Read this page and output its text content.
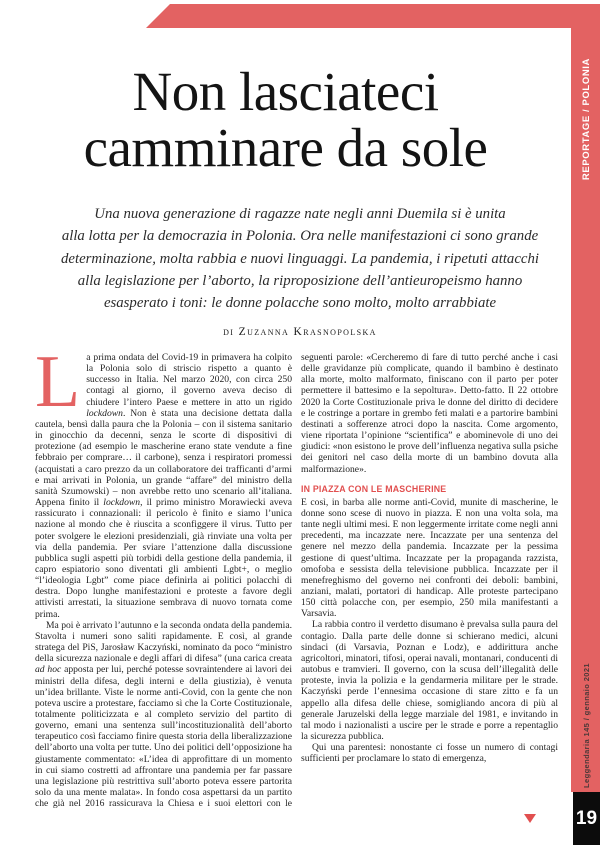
REPORTAGE / POLONIA
Leggendaria 145 / gennaio 2021
19
Non lasciateci
camminare da sole
Una nuova generazione di ragazze nate negli anni Duemila si è unita
alla lotta per la democrazia in Polonia. Ora nelle manifestazioni ci sono grande
determinazione, molta rabbia e nuovi linguaggi. La pandemia, i ripetuti attacchi
alla legislazione per l’aborto, la riproposizione dell’antieuropeismo hanno
esasperato i toni: le donne polacche sono molto, molto arrabbiate
di Zuzanna Krasnopolska

La prima ondata del Covid-19 in primavera ha colpito la Polonia solo di striscio rispetto a quanto è successo in Italia. Nel marzo 2020, con circa 250 contagi al giorno, il governo aveva deciso di chiudere l’intero Paese e mettere in atto un rigido lockdown. Non è stata una decisione dettata dalla cautela, bensì dalla paura che la Polonia – con il sistema sanitario in ginocchio da decenni, senza le scorte di dispositivi di protezione (ad esempio le mascherine erano state vendute a fine febbraio per comprare… il carbone), senza i respiratori promessi (acquistati a caro prezzo da un collaboratore dei trafficanti d’armi e mai arrivati in Polonia, un grande “affare” del ministro della sanità Szumowski) – non avrebbe retto uno scenario all’italiana. Appena finito il lockdown, il primo ministro Morawiecki aveva rassicurato i connazionali: il pericolo è finito e siamo l’unica nazione al mondo che è riuscita a sconfiggere il virus. Tutto per poter svolgere le elezioni presidenziali, già rinviate una volta per via della pandemia. Per sviare l’attenzione dalla discussione pubblica sugli aspetti più torbidi della gestione della pandemia, il capro espiatorio sono diventati gli ambienti Lgbt+, o meglio “l’ideologia Lgbt” come piace definirla ai politici polacchi di destra. Dopo lunghe manifestazioni e proteste a favore degli attivisti arrestati, la situazione sembrava di nuovo tornata come prima.

Ma poi è arrivato l’autunno e la seconda ondata della pandemia. Stavolta i numeri sono saliti rapidamente. E così, al grande stratega del PiS, Jarosław Kaczyński, nominato da poco “ministro della sicurezza nazionale e degli affari di difesa” (una carica creata ad hoc apposta per lui, perché potesse sovraintendere ai lavori dei ministri della difesa, degli interni e della giustizia), è venuta un’idea brillante. Viste le norme anti-Covid, con la gente che non poteva uscire a protestare, facciamo sì che la Corte Costituzionale, totalmente politicizzata e al completo servizio del partito di governo, emani una sentenza sull’incostituzionalità dell’aborto terapeutico così facciamo finire questa storia della liberalizzazione dell’aborto una volta per tutte. Uno dei politici dell’opposizione ha giustamente commentato: «L’idea di approfittare di un momento in cui siamo costretti ad affrontare una pandemia per far passare una legislazione più restrittiva sull’aborto poteva essere partorita solo da una mente malata». In fondo cosa aspettarsi da un partito che già nel 2016 rassicurava la Chiesa e i suoi elettori con le seguenti parole: «Cercheremo di fare di tutto perché anche i casi delle gravidanze più complicate, quando il bambino è destinato alla morte, molto malformato, finiscano con il parto per poter permettere il battesimo e la sepoltura». Detto-fatto. Il 22 ottobre 2020 la Corte Costituzionale priva le donne del diritto di decidere e le costringe a portare in grembo feti malati e a partorire bambini destinati a sofferenze atroci dopo la nascita. Come argomento, viene riportata l’opinione “scientifica” e abominevole di uno dei giudici: «non esistono le prove dell’influenza negativa sulla psiche dei genitori nel caso della morte di un bambino dovuta alla malformazione».

IN PIAZZA CON LE MASCHERINE

E così, in barba alle norme anti-Covid, munite di mascherine, le donne sono scese di nuovo in piazza. E non una volta sola, ma tante negli ultimi mesi. E non leggermente irritate come negli anni precedenti, ma incazzate nere. Incazzate per una sentenza del genere nel mezzo della pandemia. Incazzate per la pessima gestione di quest’ultima. Incazzate per la propaganda razzista, omofoba e sessista della televisione pubblica. Incazzate per il menefreghismo del governo nei confronti dei deboli: bambini, anziani, malati, portatori di handicap. Alle proteste partecipano 150 città polacche con, per esempio, 250 mila manifestanti a Varsavia.

La rabbia contro il verdetto disumano è prevalsa sulla paura del contagio. Dalla parte delle donne si schierano medici, alcuni sindaci (di Varsavia, Poznan e Lodz), e addirittura anche agricoltori, minatori, tifosi, operai navali, montanari, conducenti di autobus e tramvieri. Il governo, con la scusa dell’illegalità delle proteste, invia la polizia e la gendarmeria militare per le strade. Kaczyński perde l’ennesima occasione di stare zitto e fa un appello alla difesa delle chiese, somigliando ancora di più al generale Jaruzelski della legge marziale del 1981, e invitando in tal modo i nazionalisti a uscire per le strade e porre a repentaglio la sicurezza pubblica.

Qui una parentesi: nonostante ci fosse un numero di contagi sufficienti per proclamare lo stato di emergenza,
